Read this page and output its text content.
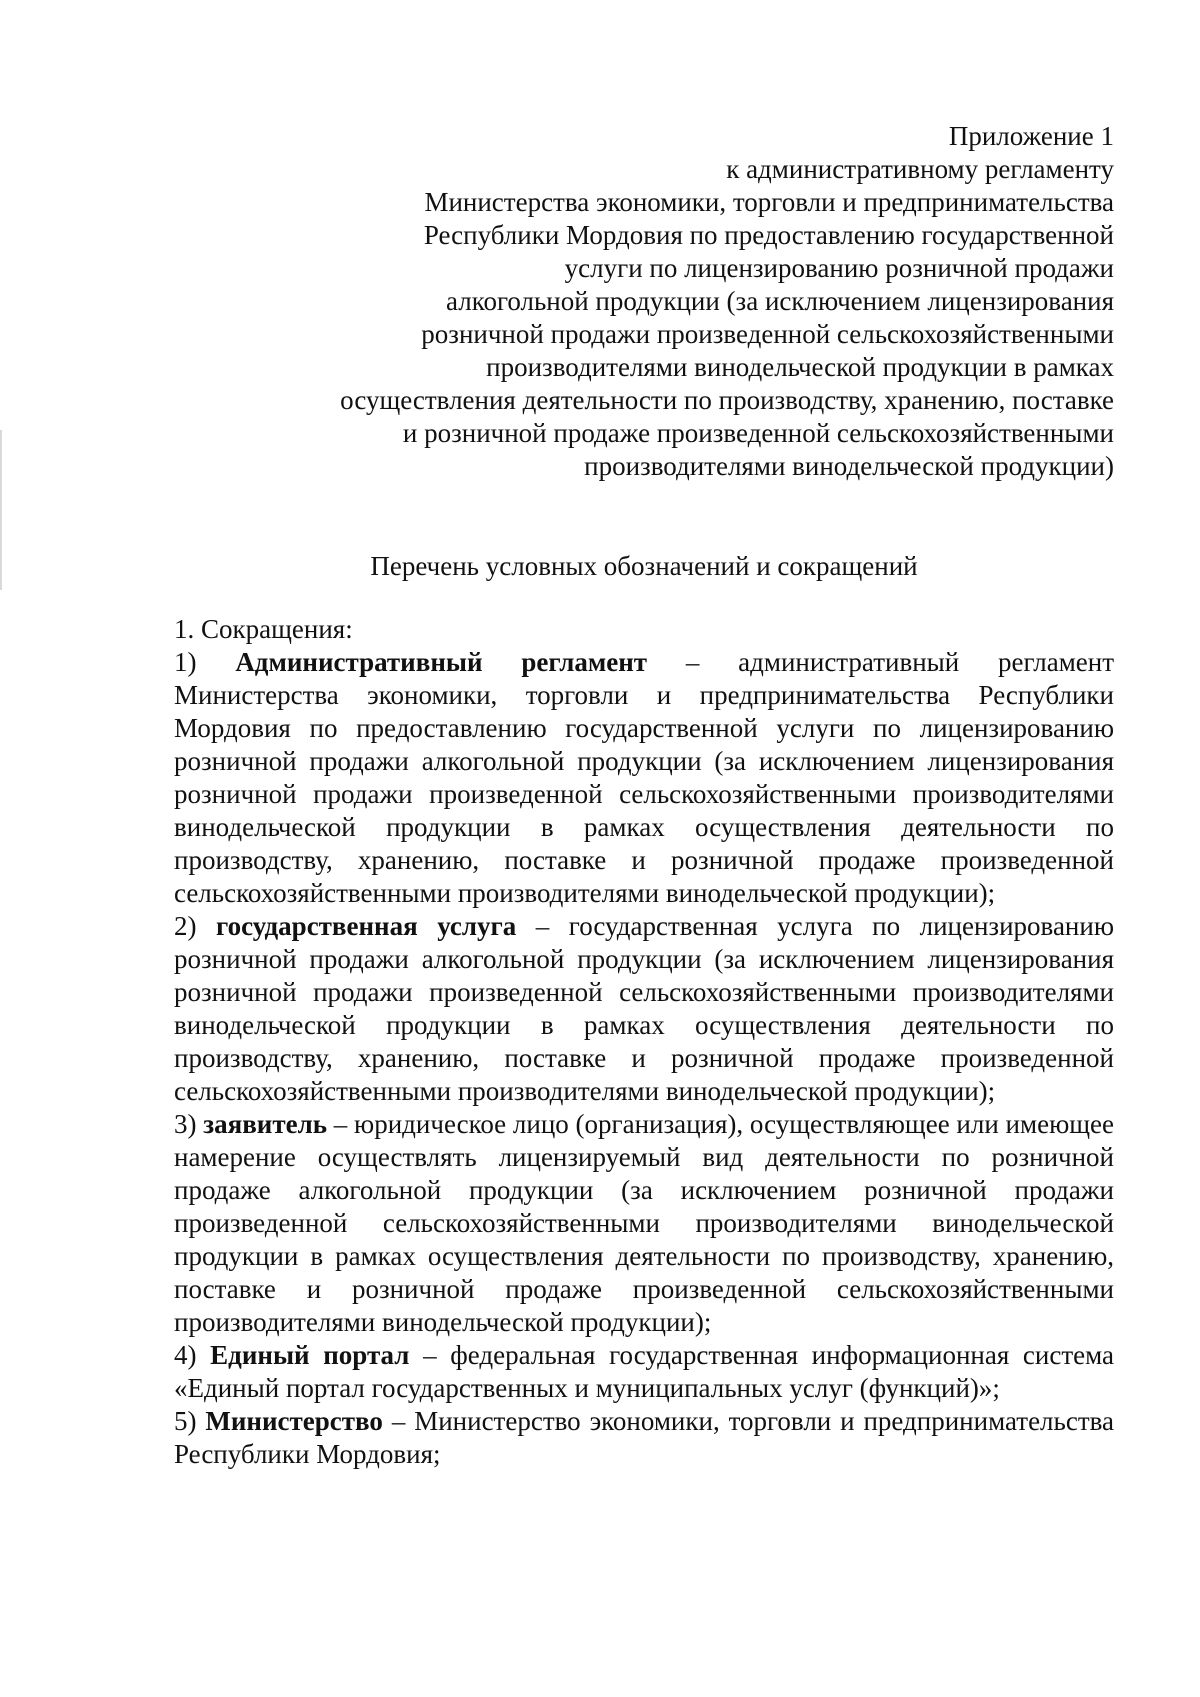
Приложение 1
к административному регламенту
Министерства экономики, торговли и предпринимательства
Республики Мордовия по предоставлению государственной
услуги по лицензированию розничной продажи
алкогольной продукции (за исключением лицензирования
розничной продажи произведенной сельскохозяйственными
производителями винодельческой продукции в рамках
осуществления деятельности по производству, хранению, поставке
и розничной продаже произведенной сельскохозяйственными
производителями винодельческой продукции)
Перечень условных обозначений и сокращений

1. Сокращения:

1) Административный регламент – административный регламент Министерства экономики, торговли и предпринимательства Республики Мордовия по предоставлению государственной услуги по лицензированию розничной продажи алкогольной продукции (за исключением лицензирования розничной продажи произведенной сельскохозяйственными производителями винодельческой продукции в рамках осуществления деятельности по производству, хранению, поставке и розничной продаже произведенной сельскохозяйственными производителями винодельческой продукции);
2) государственная услуга – государственная услуга по лицензированию розничной продажи алкогольной продукции (за исключением лицензирования розничной продажи произведенной сельскохозяйственными производителями винодельческой продукции в рамках осуществления деятельности по производству, хранению, поставке и розничной продаже произведенной сельскохозяйственными производителями винодельческой продукции);
3) заявитель – юридическое лицо (организация), осуществляющее или имеющее намерение осуществлять лицензируемый вид деятельности по розничной продаже алкогольной продукции (за исключением розничной продажи произведенной сельскохозяйственными производителями винодельческой продукции в рамках осуществления деятельности по производству, хранению, поставке и розничной продаже произведенной сельскохозяйственными производителями винодельческой продукции);
4) Единый портал – федеральная государственная информационная система «Единый портал государственных и муниципальных услуг (функций)»;
5) Министерство – Министерство экономики, торговли и предпринимательства Республики Мордовия;
